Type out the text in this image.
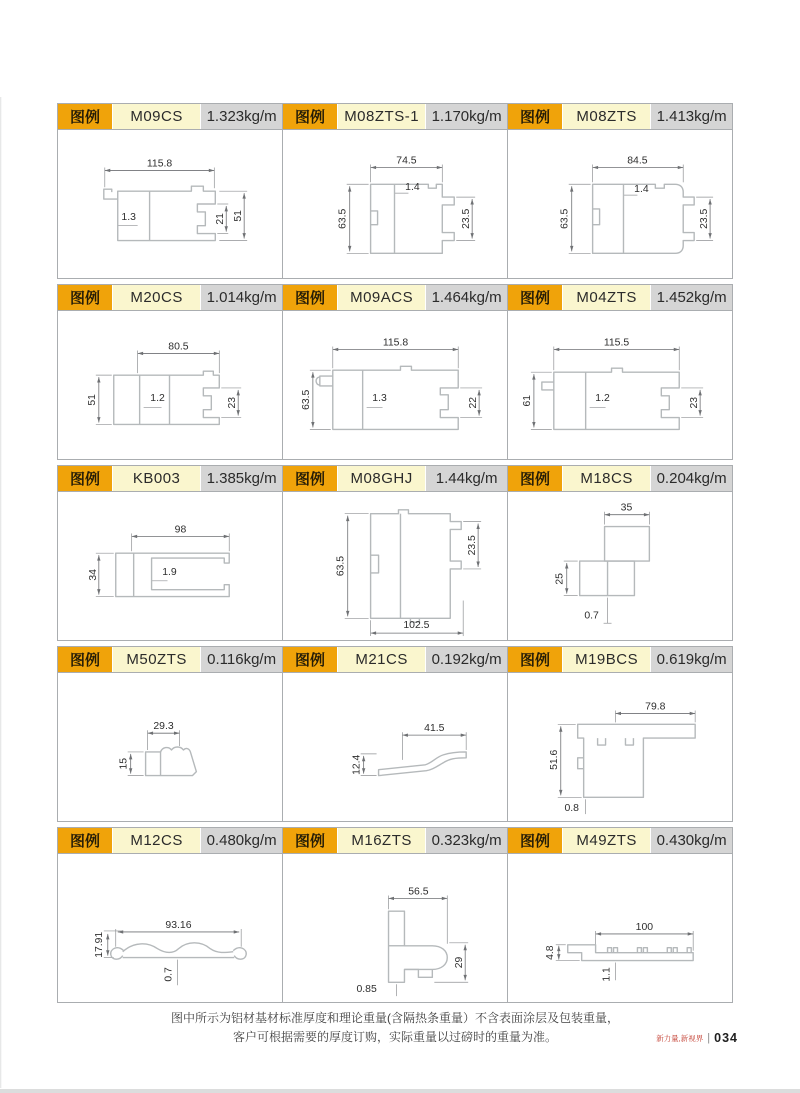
图例	M09CS	1.323kg/m
115.8
1.3	21 51
图例	M08ZTS-1 1.170kg/m
74.5
63.5
1.4
23.5
图例	M08ZTS	1.413kg/m
84.5
63.5
1.4
23.5
图例	M20CS	1.014kg/m
80.5
51	1.2	23
图例	M09ACS	1.464kg/m
115.8
63.5	1.3	22
图例	M04ZTS	1.452kg/m
115.5
61	1.2	23
图例	KB003	1.385kg/m
98
34	1.9
图例	M08GHJ	1.44kg/m
63.5
102.5
23.5
图例	M18CS	0.204kg/m
35
25
0.7
图例	M50ZTS	0.116kg/m
29.3
15
图例	M21CS	0.192kg/m
41.5
12.4
图例	M19BCS	0.619kg/m
79.8
51.6
0.8
图例	M12CS	0.480kg/m
17.91
93.16
0.7
图例	M16ZTS	0.323kg/m
56.5
0.85
29
图例	M49ZTS	0.430kg/m
100
4.8
1.1
图中所示为铝材基材标准厚度和理论重量(含隔热条重量）不含表面涂层及包装重量，
客户可根据需要的厚度订购，实际重量以过磅时的重量为准。	新力量,新视界 | 034
